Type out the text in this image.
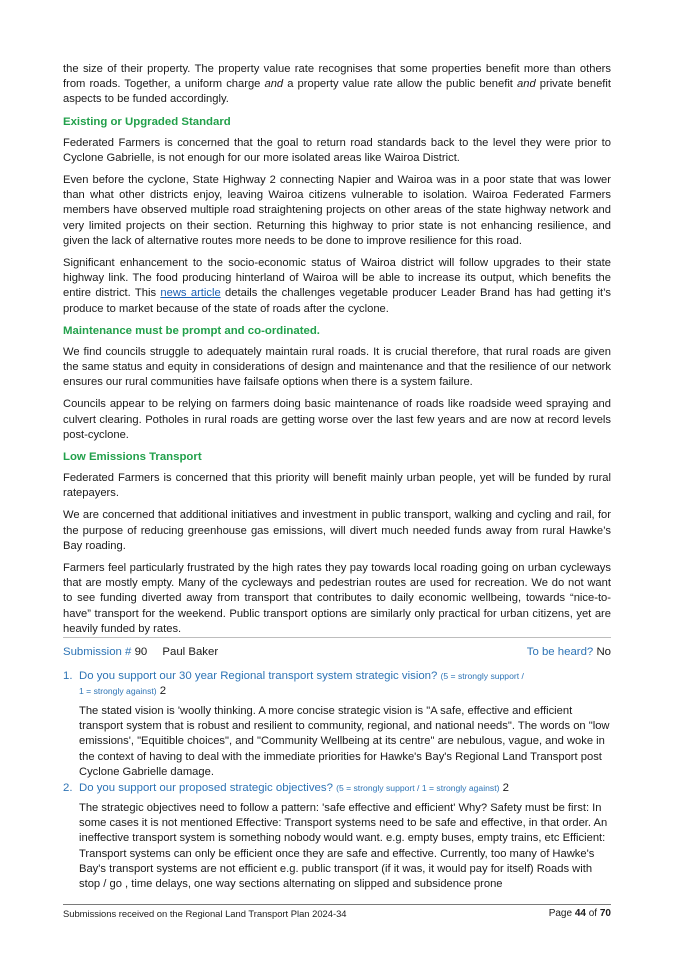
the size of their property. The property value rate recognises that some properties benefit more than others from roads. Together, a uniform charge and a property value rate allow the public benefit and private benefit aspects to be funded accordingly.

Existing or Upgraded Standard

Federated Farmers is concerned that the goal to return road standards back to the level they were prior to Cyclone Gabrielle, is not enough for our more isolated areas like Wairoa District.

Even before the cyclone, State Highway 2 connecting Napier and Wairoa was in a poor state that was lower than what other districts enjoy, leaving Wairoa citizens vulnerable to isolation. Wairoa Federated Farmers members have observed multiple road straightening projects on other areas of the state highway network and very limited projects on their section. Returning this highway to prior state is not enhancing resilience, and given the lack of alternative routes more needs to be done to improve resilience for this road.

Significant enhancement to the socio-economic status of Wairoa district will follow upgrades to their state highway link. The food producing hinterland of Wairoa will be able to increase its output, which benefits the entire district. This news article details the challenges vegetable producer Leader Brand has had getting it’s produce to market because of the state of roads after the cyclone.

Maintenance must be prompt and co-ordinated.

We find councils struggle to adequately maintain rural roads. It is crucial therefore, that rural roads are given the same status and equity in considerations of design and maintenance and that the resilience of our network ensures our rural communities have failsafe options when there is a system failure.

Councils appear to be relying on farmers doing basic maintenance of roads like roadside weed spraying and culvert clearing. Potholes in rural roads are getting worse over the last few years and are now at record levels post-cyclone.

Low Emissions Transport

Federated Farmers is concerned that this priority will benefit mainly urban people, yet will be funded by rural ratepayers.

We are concerned that additional initiatives and investment in public transport, walking and cycling and rail, for the purpose of reducing greenhouse gas emissions, will divert much needed funds away from rural Hawke’s Bay roading.

Farmers feel particularly frustrated by the high rates they pay towards local roading going on urban cycleways that are mostly empty. Many of the cycleways and pedestrian routes are used for recreation. We do not want to see funding diverted away from transport that contributes to daily economic wellbeing, towards “nice-to-have” transport for the weekend. Public transport options are similarly only practical for urban citizens, yet are heavily funded by rates.

Submission # 90 Paul Baker	To be heard? No

1. Do you support our 30 year Regional transport system strategic vision? (5 = strongly support /
1 = strongly against) 2

The stated vision is 'woolly thinking. A more concise strategic vision is "A safe, effective and efficient transport system that is robust and resilient to community, regional, and national needs". The words on "low emissions', "Equitible choices", and "Community Wellbeing at its centre" are nebulous, vague, and woke in the context of having to deal with the immediate priorities for Hawke's Bay's Regional Land Transport post Cyclone Gabrielle damage.

2. Do you support our proposed strategic objectives? (5 = strongly support / 1 = strongly against) 2

The strategic objectives need to follow a pattern: 'safe effective and efficient' Why? Safety must be first: In some cases it is not mentioned Effective: Transport systems need to be safe and effective, in that order. An ineffective transport system is something nobody would want. e.g. empty buses, empty trains, etc Efficient: Transport systems can only be efficient once they are safe and effective. Currently, too many of Hawke's Bay's transport systems are not efficient e.g. public transport (if it was, it would pay for itself) Roads with stop / go , time delays, one way sections alternating on slipped and subsidence prone

Submissions received on the Regional Land Transport Plan 2024-34	Page 44 of 70
